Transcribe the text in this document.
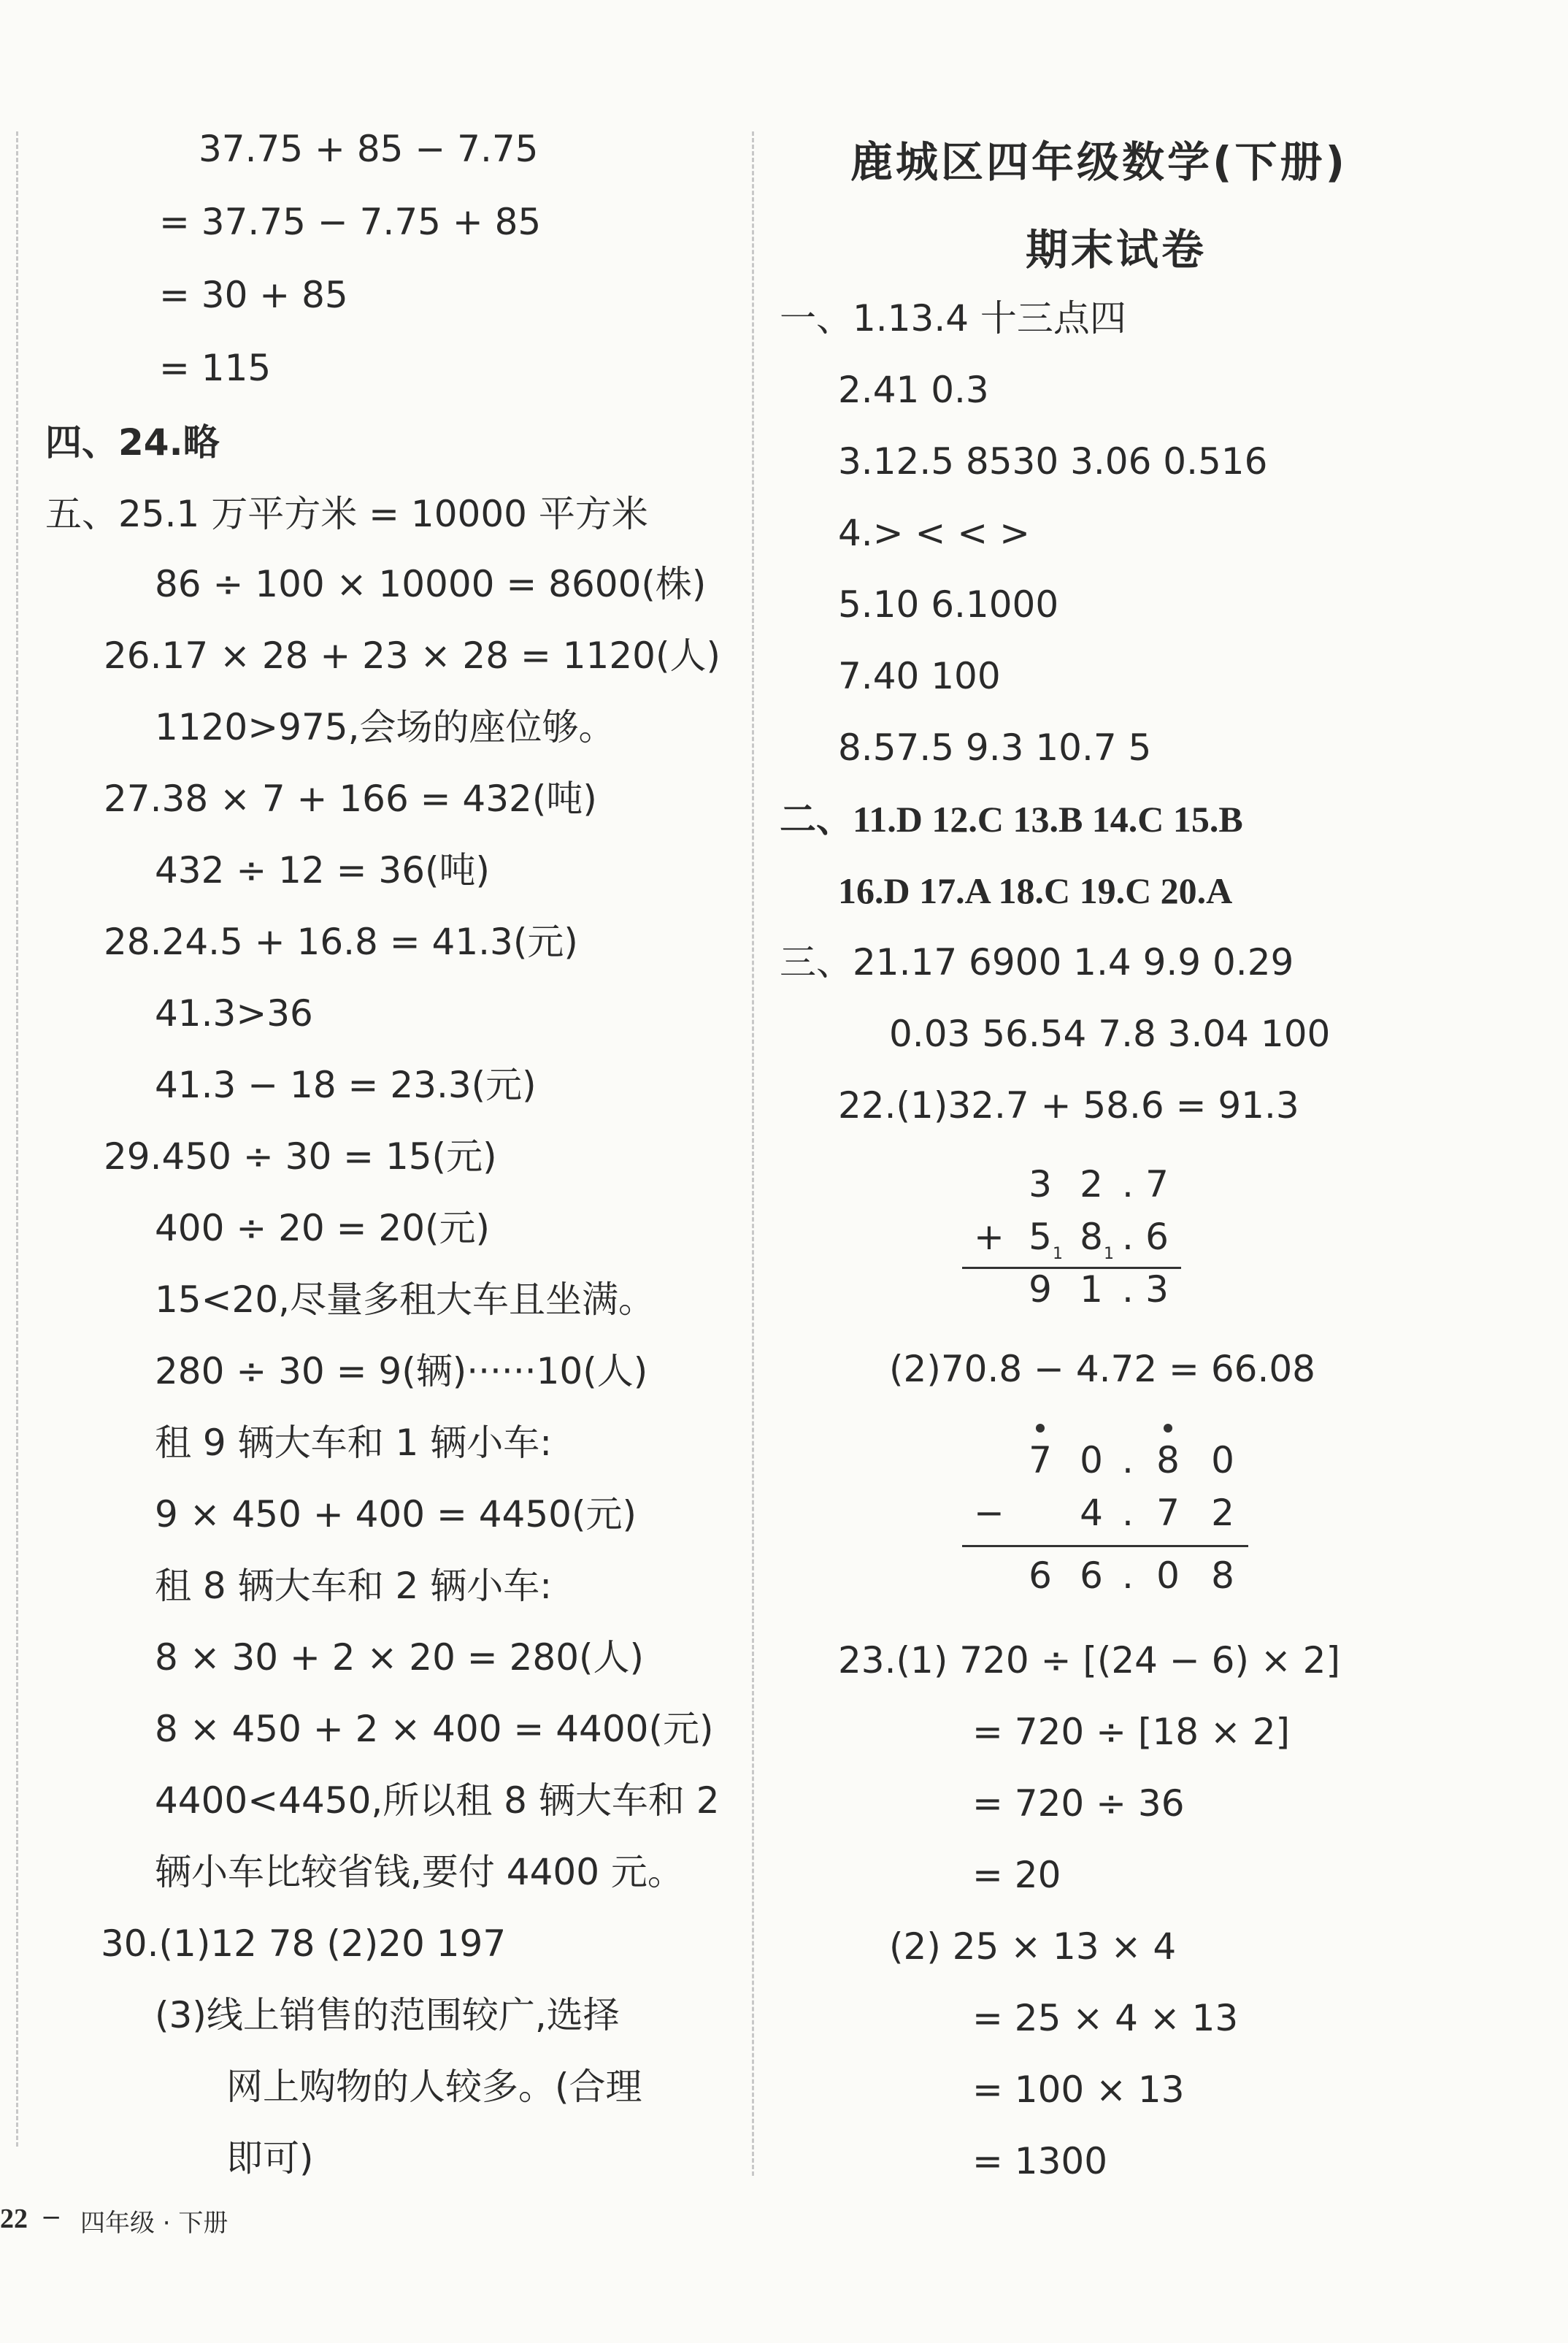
37.75 + 85 − 7.75
= 37.75 − 7.75 + 85
= 30 + 85
= 115
四、24.略
五、25.1 万平方米 = 10000 平方米
86 ÷ 100 × 10000 = 8600(株)
26.17 × 28 + 23 × 28 = 1120(人)
1120>975,会场的座位够。
27.38 × 7 + 166 = 432(吨)
432 ÷ 12 = 36(吨)
28.24.5 + 16.8 = 41.3(元)
41.3>36
41.3 − 18 = 23.3(元)
29.450 ÷ 30 = 15(元)
400 ÷ 20 = 20(元)
15<20,尽量多租大车且坐满。
280 ÷ 30 = 9(辆)······10(人)
租 9 辆大车和 1 辆小车:
9 × 450 + 400 = 4450(元)
租 8 辆大车和 2 辆小车:
8 × 30 + 2 × 20 = 280(人)
8 × 450 + 2 × 400 = 4400(元)
4400<4450,所以租 8 辆大车和 2
辆小车比较省钱,要付 4400 元。
30.(1)12 78 (2)20 197
(3)线上销售的范围较广,选择
网上购物的人较多。(合理
即可)
鹿城区四年级数学(下册)
期末试卷
一、1.13.4 十三点四
2.41 0.3
3.12.5 8530 3.06 0.516
4.> < < >
5.10 6.1000
7.40 100
8.57.5 9.3 10.7 5
二、11.D 12.C 13.B 14.C 15.B
16.D 17.A 18.C 19.C 20.A
三、21.17 6900 1.4 9.9 0.29
0.03 56.54 7.8 3.04 100
22.(1)32.7 + 58.6 = 91.3
3 2 . 7
+ 5 8 . 6
1	1
9 1 . 3
(2)70.8 − 4.72 = 66.08
7 0 . 8 0
−	4 . 7 2
6 6 . 0 8
23.(1) 720 ÷ [(24 − 6) × 2]
= 720 ÷ [18 × 2]
= 720 ÷ 36
= 20
(2) 25 × 13 × 4
= 25 × 4 × 13
= 100 × 13
= 1300
22 − 四年级 · 下册
